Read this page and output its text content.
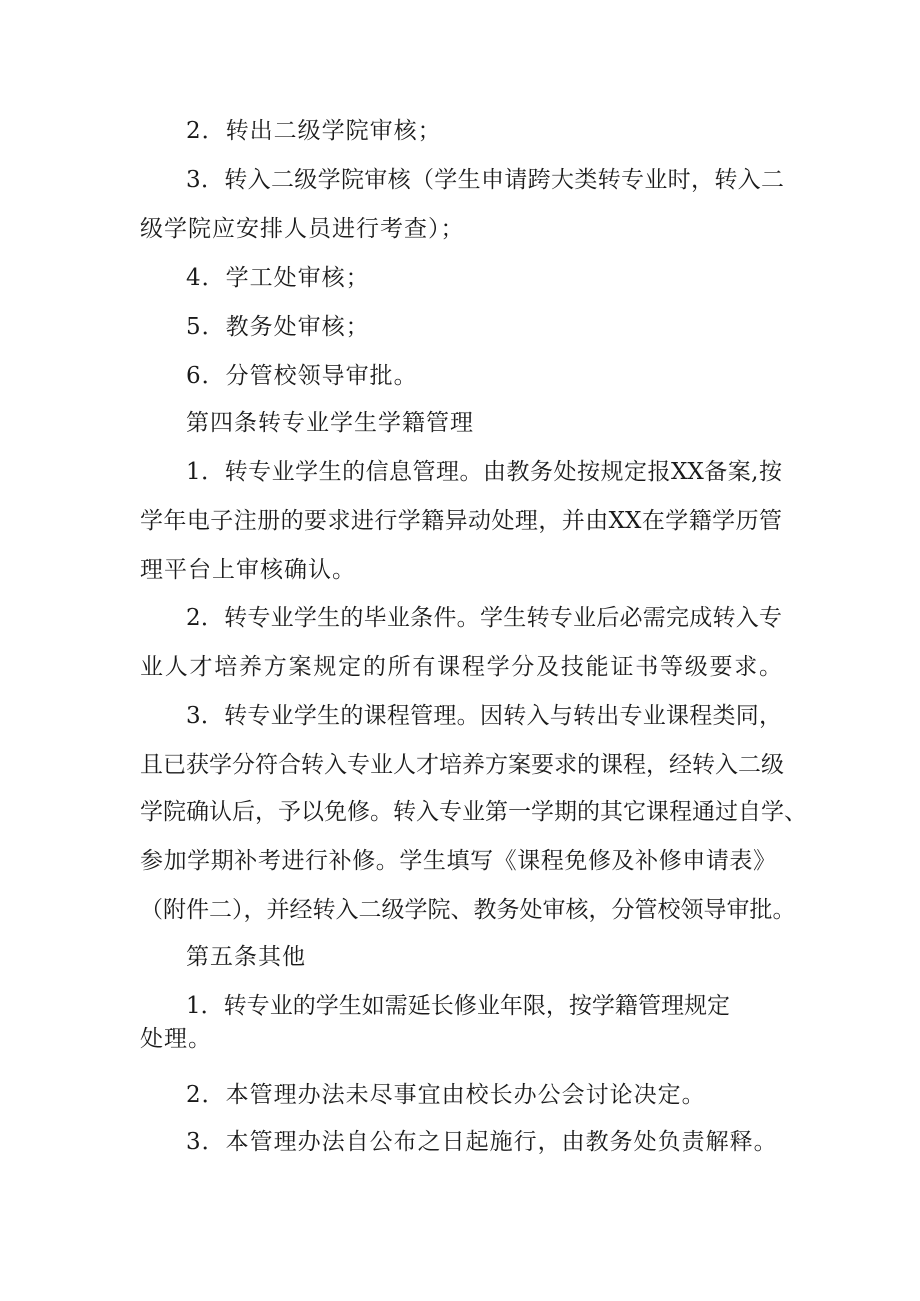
2．转出二级学院审核；
3．转入二级学院审核（学生申请跨大类转专业时，转入二
级学院应安排人员进行考查）；
4．学工处审核；
5．教务处审核；
6．分管校领导审批。
第四条转专业学生学籍管理
1．转专业学生的信息管理。由教务处按规定报XX备案,按
学年电子注册的要求进行学籍异动处理，并由XX在学籍学历管
理平台上审核确认。
2．转专业学生的毕业条件。学生转专业后必需完成转入专
业人才培养方案规定的所有课程学分及技能证书等级要求。
3．转专业学生的课程管理。因转入与转出专业课程类同，
且已获学分符合转入专业人才培养方案要求的课程，经转入二级
学院确认后，予以免修。转入专业第一学期的其它课程通过自学、
参加学期补考进行补修。学生填写《课程免修及补修申请表》
（附件二），并经转入二级学院、教务处审核，分管校领导审批。
第五条其他
1．转专业的学生如需延长修业年限，按学籍管理规定
处理。
2．本管理办法未尽事宜由校长办公会讨论决定。
3．本管理办法自公布之日起施行，由教务处负责解释。
